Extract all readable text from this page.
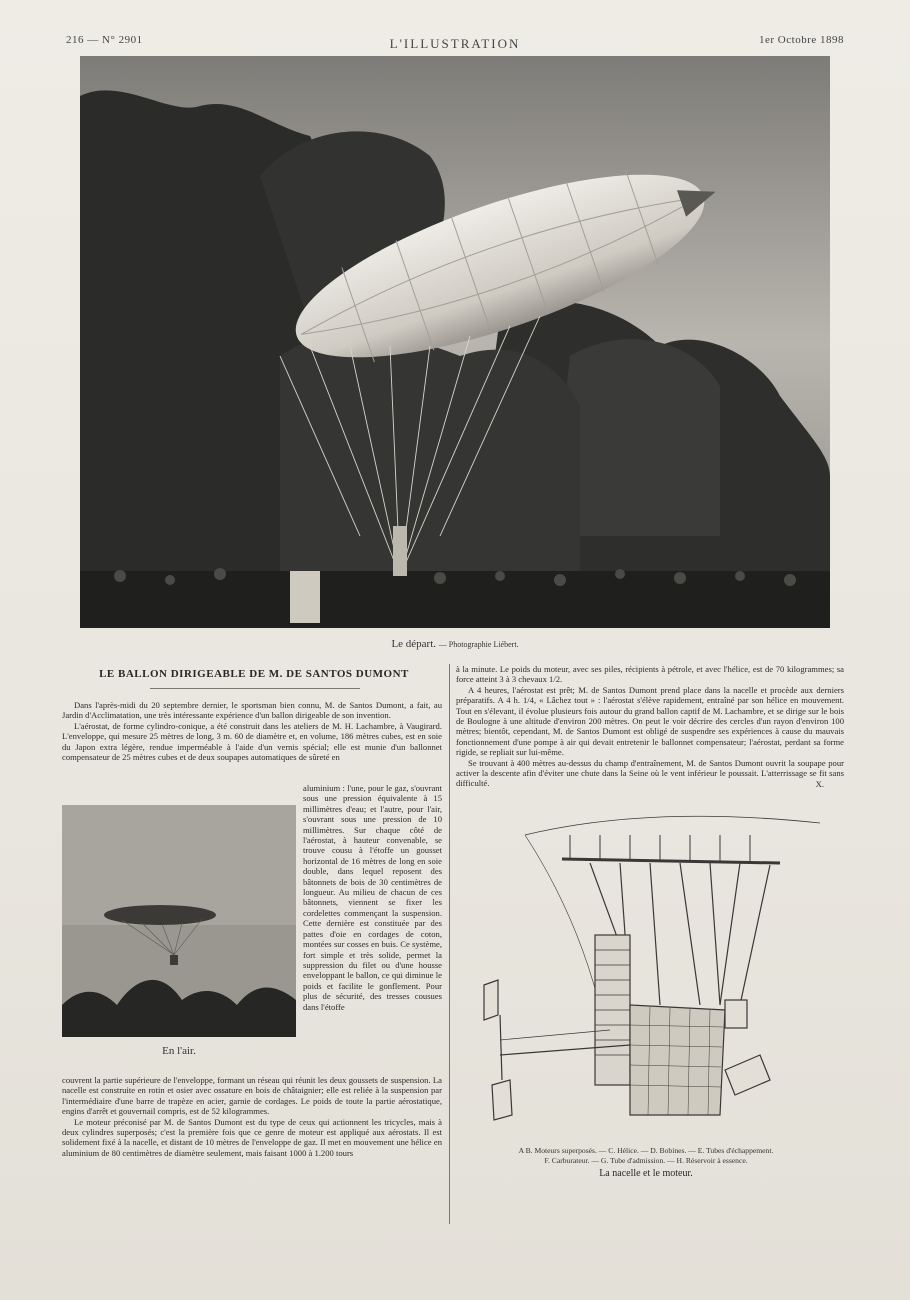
216 — N° 2901	L'ILLUSTRATION	1er Octobre 1898
Le départ. — Photographie Liébert.
LE BALLON DIRIGEABLE DE M. DE SANTOS DUMONT

Dans l'après-midi du 20 septembre dernier, le sportsman bien connu, M. de Santos Dumont, a fait, au Jardin d'Acclimatation, une très intéressante expérience d'un ballon dirigeable de son invention.

L'aérostat, de forme cylindro-conique, a été construit dans les ateliers de M. H. Lachambre, à Vaugirard. L'enveloppe, qui mesure 25 mètres de long, 3 m. 60 de diamètre et, en volume, 186 mètres cubes, est en soie du Japon extra légère, rendue imperméable à l'aide d'un vernis spécial; elle est munie d'un ballonnet compensateur de 25 mètres cubes et de deux soupapes automatiques de sûreté en

En l'air.
aluminium : l'une, pour le gaz, s'ouvrant sous une pression équivalente à 15 millimètres d'eau; et l'autre, pour l'air, s'ouvrant sous une pression de 10 millimètres. Sur chaque côté de l'aérostat, à hauteur convenable, se trouve cousu à l'étoffe un gousset horizontal de 16 mètres de long en soie double, dans lequel reposent des bâtonnets de bois de 30 centimètres de longueur. Au milieu de chacun de ces bâtonnets, viennent se fixer les cordelettes commençant la suspension. Cette dernière est constituée par des pattes d'oie en cordages de coton, montées sur cosses en buis. Ce système, fort simple et très solide, permet la suppression du filet ou d'une housse enveloppant le ballon, ce qui diminue le poids et facilite le gonflement. Pour plus de sécurité, des tresses cousues dans l'étoffe

couvrent la partie supérieure de l'enveloppe, formant un réseau qui réunit les deux goussets de suspension. La nacelle est construite en rotin et osier avec ossature en bois de châtaignier; elle est reliée à la suspension par l'intermédiaire d'une barre de trapèze en acier, garnie de cordages. Le poids de toute la partie aérostatique, engins d'arrêt et gouvernail compris, est de 52 kilogrammes.

Le moteur préconisé par M. de Santos Dumont est du type de ceux qui actionnent les tricycles, mais à deux cylindres superposés; c'est la première fois que ce genre de moteur est appliqué aux aérostats. Il est solidement fixé à la nacelle, et distant de 10 mètres de l'enveloppe de gaz. Il met en mouvement une hélice en aluminium de 80 centimètres de diamètre seulement, mais faisant 1000 à 1.200 tours

à la minute. Le poids du moteur, avec ses piles, récipients à pétrole, et avec l'hélice, est de 70 kilogrammes; sa force atteint 3 à 3 chevaux 1/2.

A 4 heures, l'aérostat est prêt; M. de Santos Dumont prend place dans la nacelle et procède aux derniers préparatifs. A 4 h. 1/4, « Lâchez tout » : l'aérostat s'élève rapidement, entraîné par son hélice en mouvement. Tout en s'élevant, il évolue plusieurs fois autour du grand ballon captif de M. Lachambre, et se dirige sur le bois de Boulogne à une altitude d'environ 200 mètres. On peut le voir décrire des cercles d'un rayon d'environ 100 mètres; bientôt, cependant, M. de Santos Dumont est obligé de suspendre ses expériences à cause du mauvais fonctionnement d'une pompe à air qui devait entretenir le ballonnet compensateur; l'aérostat, perdant sa forme rigide, se repliait sur lui-même.

Se trouvant à 400 mètres au-dessus du champ d'entraînement, M. de Santos Dumont ouvrit la soupape pour activer la descente afin d'éviter une chute dans la Seine où le vent inférieur le poussait. L'atterrissage se fit sans difficulté.	X.
A B. Moteurs superposés. — C. Hélice. — D. Bobines. — E. Tubes d'échappement.
F. Carburateur. — G. Tube d'admission. — H. Réservoir à essence.
La nacelle et le moteur.
